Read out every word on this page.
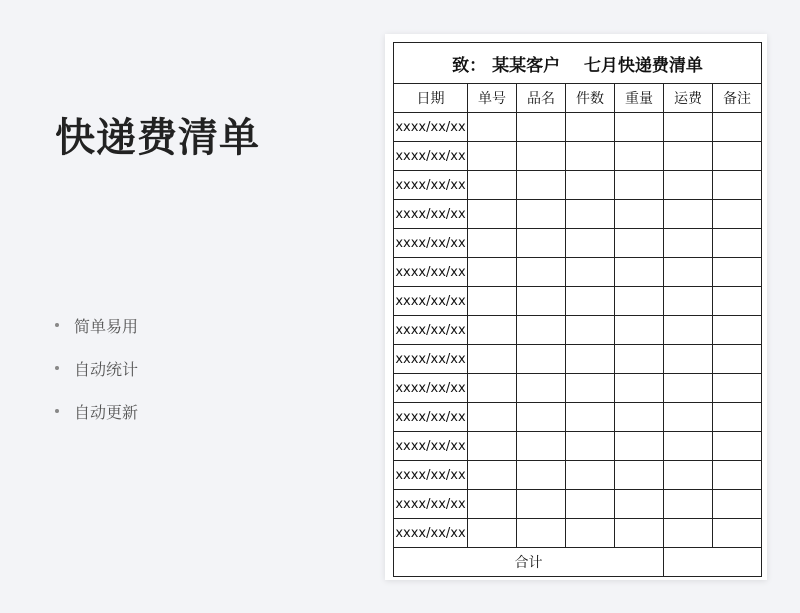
快递费清单
简单易用
自动统计
自动更新
致： 某某客户 七月快递费清单						
日期	单号	品名	件数	重量	运费	备注
xxxx/xx/xx						
xxxx/xx/xx						
xxxx/xx/xx						
xxxx/xx/xx						
xxxx/xx/xx						
xxxx/xx/xx						
xxxx/xx/xx						
xxxx/xx/xx						
xxxx/xx/xx						
xxxx/xx/xx						
xxxx/xx/xx						
xxxx/xx/xx						
xxxx/xx/xx						
xxxx/xx/xx						
xxxx/xx/xx						
合计						
